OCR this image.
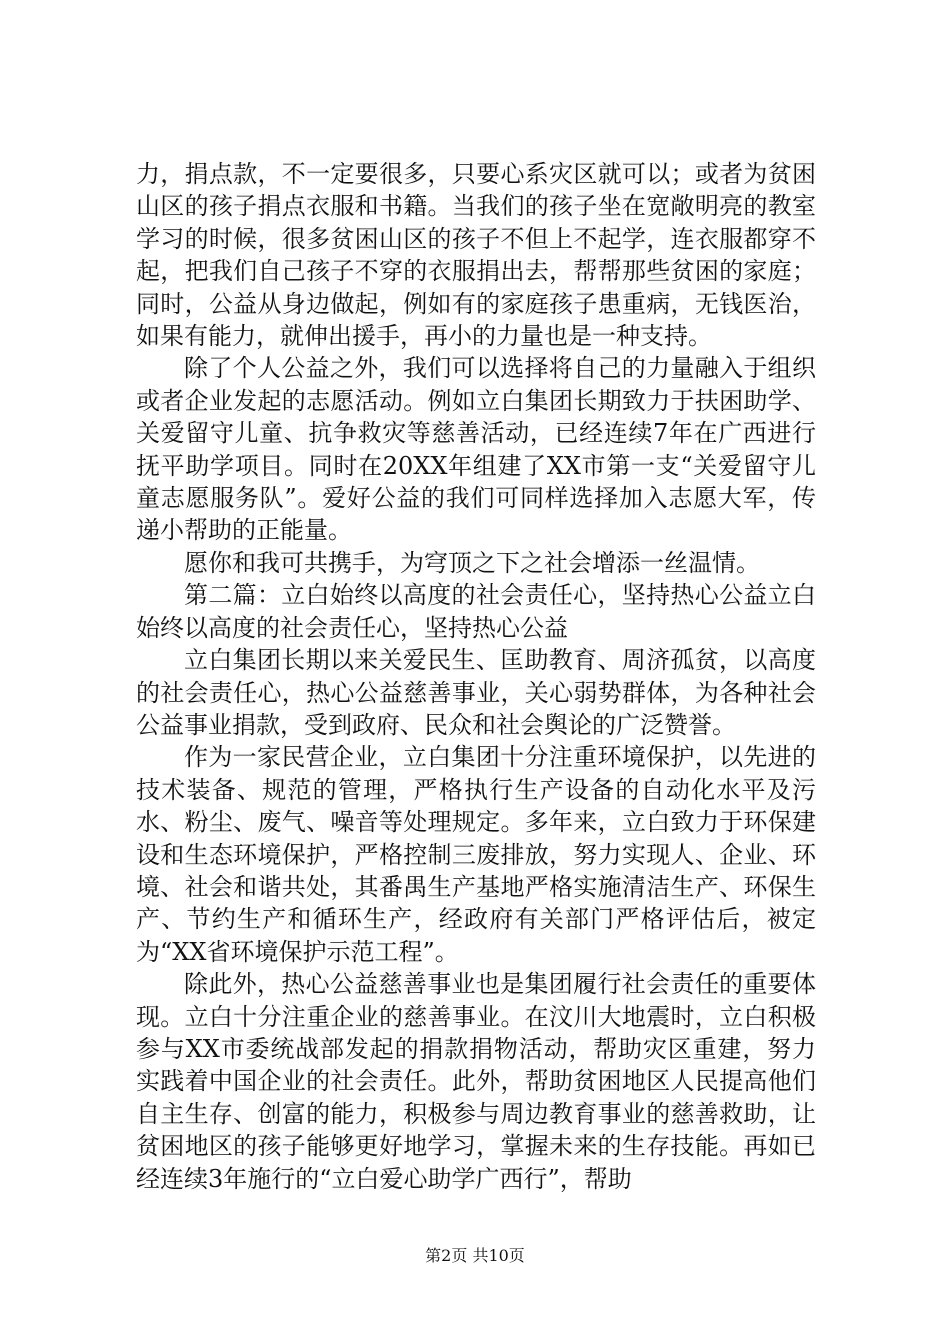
力，捐点款，不一定要很多，只要心系灾区就可以；或者为贫困山区的孩子捐点衣服和书籍。当我们的孩子坐在宽敞明亮的教室学习的时候，很多贫困山区的孩子不但上不起学，连衣服都穿不起，把我们自己孩子不穿的衣服捐出去，帮帮那些贫困的家庭；同时，公益从身边做起，例如有的家庭孩子患重病，无钱医治，如果有能力，就伸出援手，再小的力量也是一种支持。

除了个人公益之外，我们可以选择将自己的力量融入于组织或者企业发起的志愿活动。例如立白集团长期致力于扶困助学、关爱留守儿童、抗争救灾等慈善活动，已经连续7年在广西进行抚平助学项目。同时在20XX年组建了XX市第一支“关爱留守儿童志愿服务队”。爱好公益的我们可同样选择加入志愿大军，传递小帮助的正能量。

愿你和我可共携手，为穹顶之下之社会增添一丝温情。

第二篇：立白始终以高度的社会责任心，坚持热心公益立白始终以高度的社会责任心，坚持热心公益

立白集团长期以来关爱民生、匡助教育、周济孤贫，以高度的社会责任心，热心公益慈善事业，关心弱势群体，为各种社会公益事业捐款，受到政府、民众和社会舆论的广泛赞誉。

作为一家民营企业，立白集团十分注重环境保护，以先进的技术装备、规范的管理，严格执行生产设备的自动化水平及污水、粉尘、废气、噪音等处理规定。多年来，立白致力于环保建设和生态环境保护，严格控制三废排放，努力实现人、企业、环境、社会和谐共处，其番禺生产基地严格实施清洁生产、环保生产、节约生产和循环生产，经政府有关部门严格评估后，被定为“XX省环境保护示范工程”。

除此外，热心公益慈善事业也是集团履行社会责任的重要体现。立白十分注重企业的慈善事业。在汶川大地震时，立白积极参与XX市委统战部发起的捐款捐物活动，帮助灾区重建，努力实践着中国企业的社会责任。此外，帮助贫困地区人民提高他们自主生存、创富的能力，积极参与周边教育事业的慈善救助，让贫困地区的孩子能够更好地学习，掌握未来的生存技能。再如已经连续3年施行的“立白爱心助学广西行”，帮助

第2页 共10页
